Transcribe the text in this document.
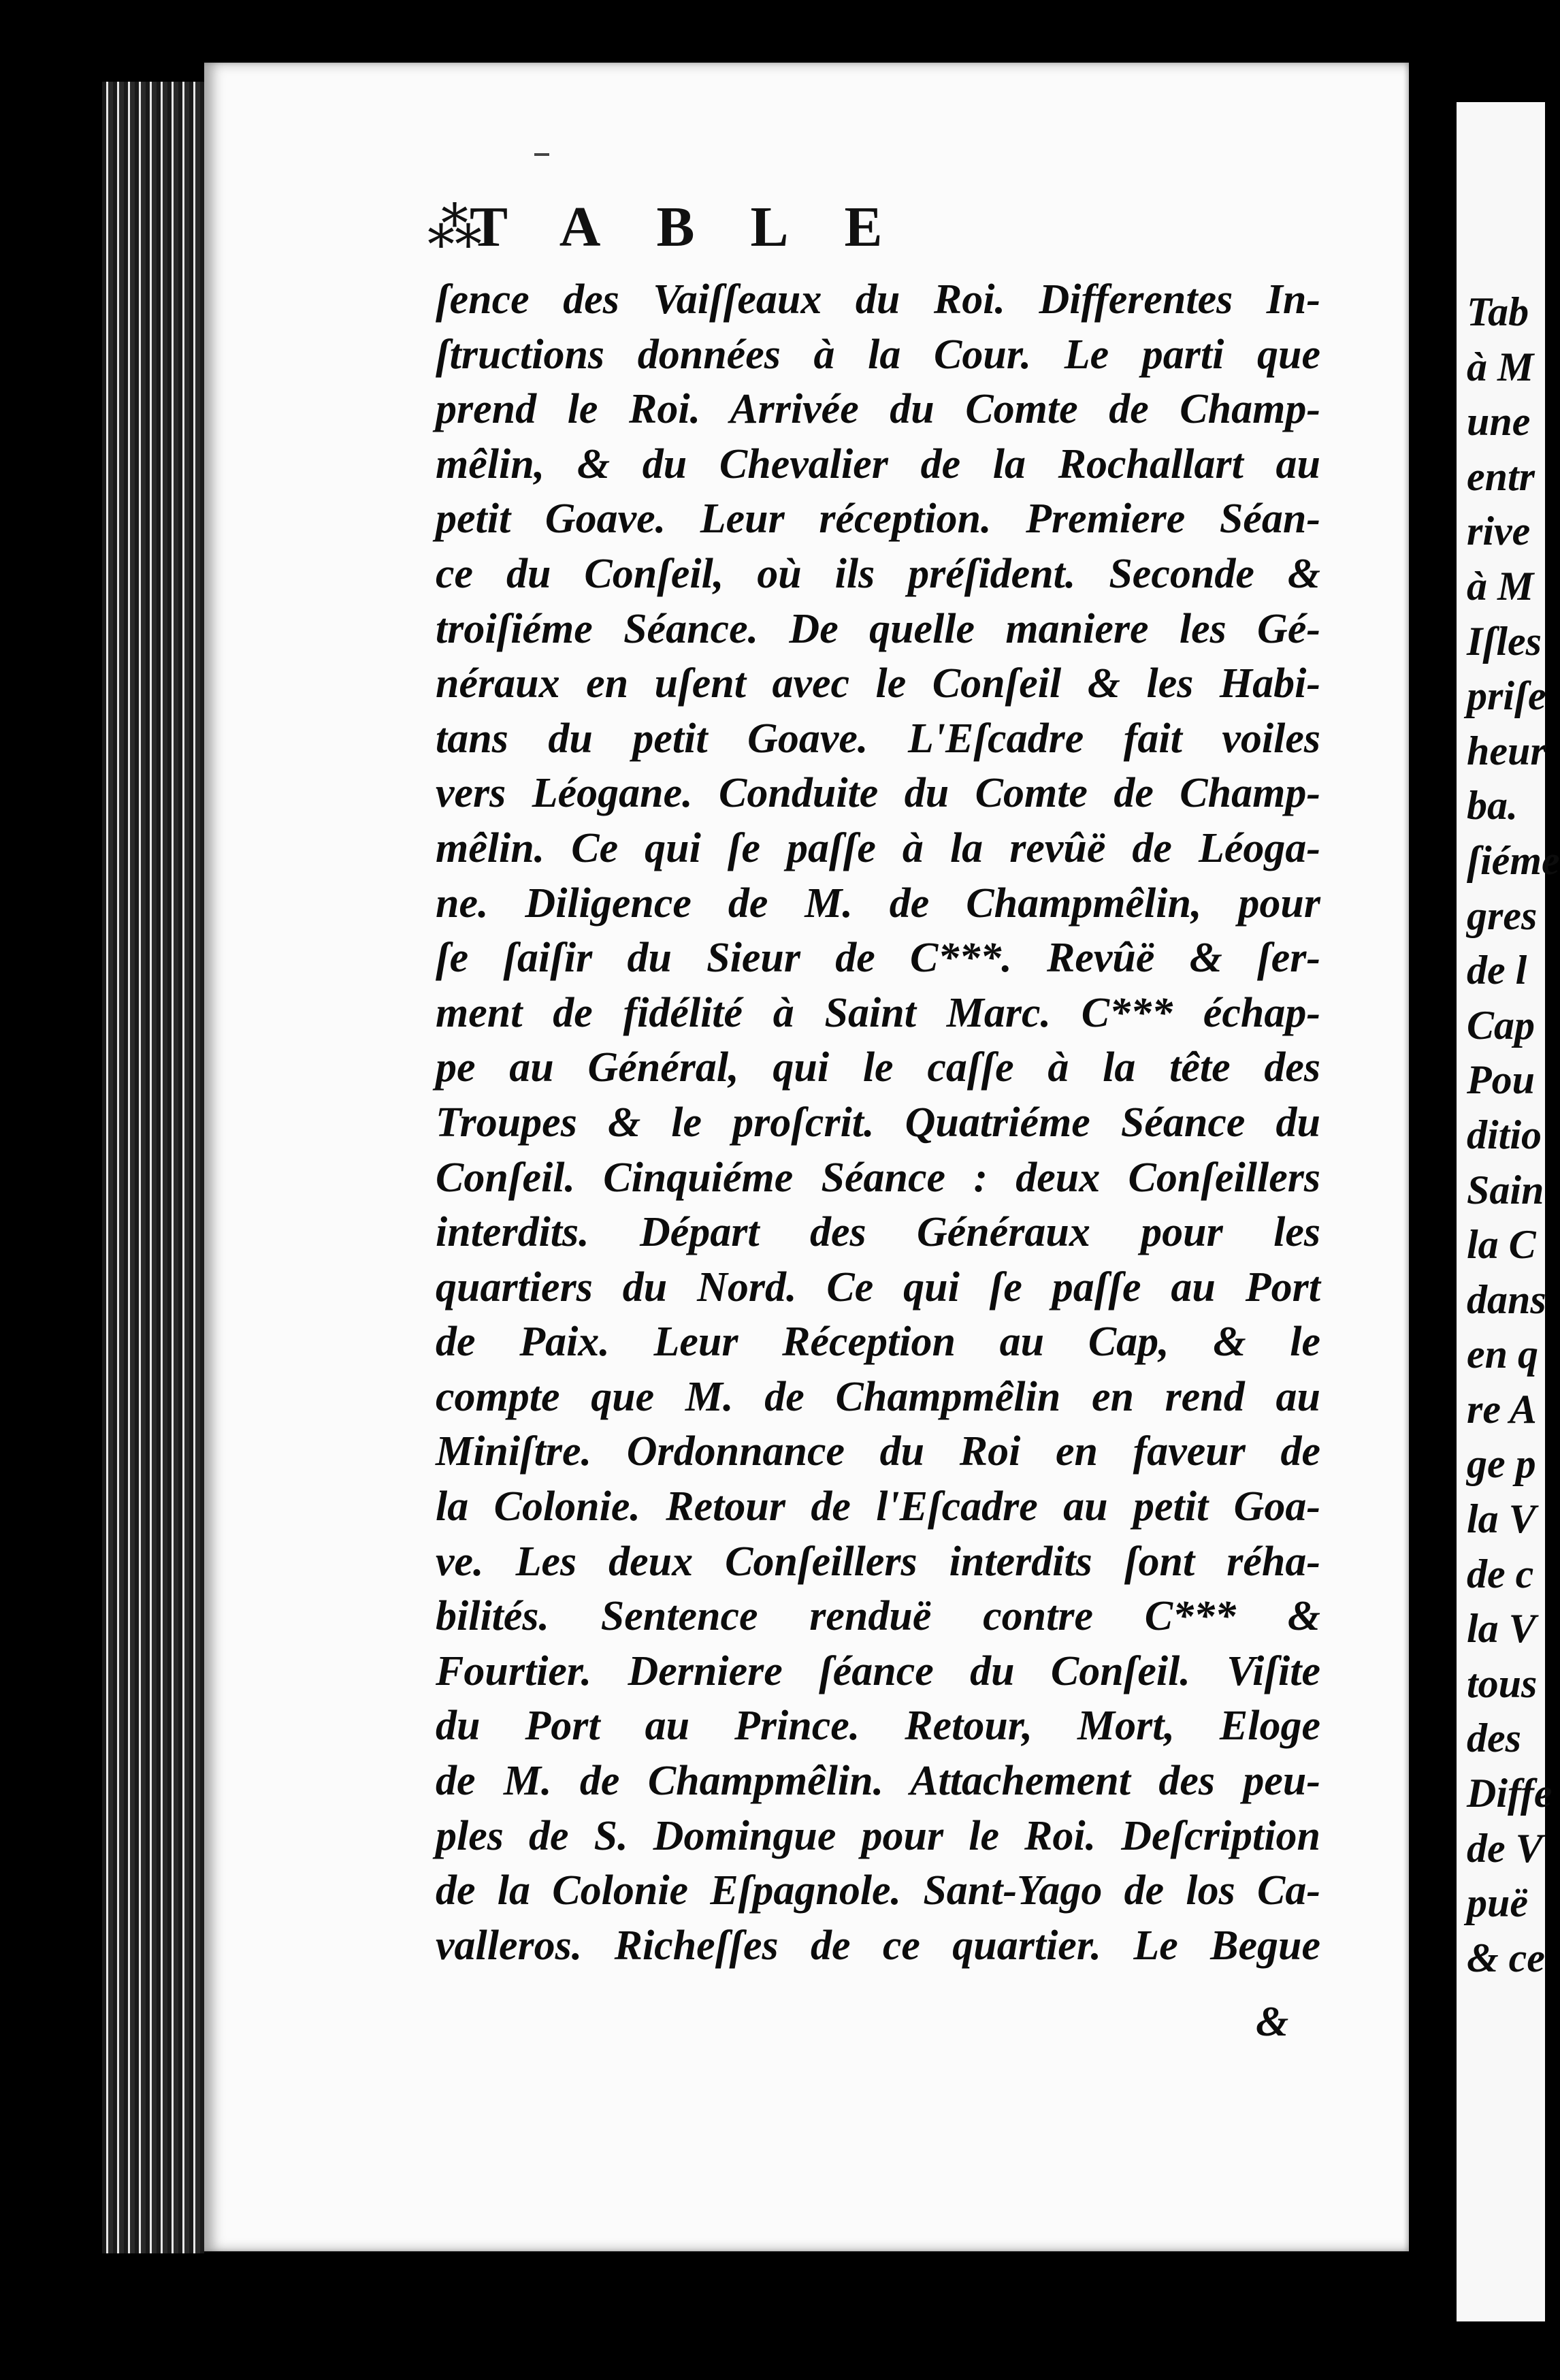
⁂
TABLE
ſence des Vaiſſeaux du Roi. Differentes In-
ſtructions données à la Cour. Le parti que
prend le Roi. Arrivée du Comte de Champ-
mêlin, & du Chevalier de la Rochallart au
petit Goave. Leur réception. Premiere Séan-
ce du Conſeil, où ils préſident. Seconde &
troiſiéme Séance. De quelle maniere les Gé-
néraux en uſent avec le Conſeil & les Habi-
tans du petit Goave. L'Eſcadre fait voiles
vers Léogane. Conduite du Comte de Champ-
mêlin. Ce qui ſe paſſe à la revûë de Léoga-
ne. Diligence de M. de Champmêlin, pour
ſe ſaiſir du Sieur de C***. Revûë & ſer-
ment de fidélité à Saint Marc. C*** échap-
pe au Général, qui le caſſe à la tête des
Troupes & le proſcrit. Quatriéme Séance du
Conſeil. Cinquiéme Séance : deux Conſeillers
interdits. Départ des Généraux pour les
quartiers du Nord. Ce qui ſe paſſe au Port
de Paix. Leur Réception au Cap, & le
compte que M. de Champmêlin en rend au
Miniſtre. Ordonnance du Roi en faveur de
la Colonie. Retour de l'Eſcadre au petit Goa-
ve. Les deux Conſeillers interdits ſont réha-
bilités. Sentence renduë contre C*** &
Fourtier. Derniere ſéance du Conſeil. Viſite
du Port au Prince. Retour, Mort, Eloge
de M. de Champmêlin. Attachement des peu-
ples de S. Domingue pour le Roi. Deſcription
de la Colonie Eſpagnole. Sant-Yago de los Ca-
valleros. Richeſſes de ce quartier. Le Begue
&
Tab
à M
une
entr
rive
à M
Iſles
priſe
heur
ba.
ſiéme
gres
de l
Cap
Pou
ditio
Sain
la C
dans
en q
re A
ge p
la V
de c
la V
tous
des
Diffe
de V
puë
& ce
